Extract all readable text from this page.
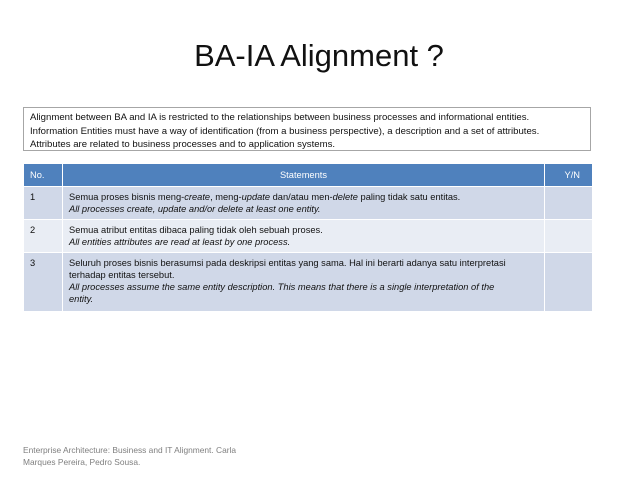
BA-IA Alignment ?
Alignment between BA and IA is restricted to the relationships between business processes and informational entities.
Information Entities must have a way of identification (from a business perspective), a description and a set of attributes.
Attributes are related to business processes and to application systems.
No.	Statements	Y/N
1	Semua proses bisnis meng-create, meng-update dan/atau men-delete paling tidak satu entitas.
All processes create, update and/or delete at least one entity.	

2	Semua atribut entitas dibaca paling tidak oleh sebuah proses.
All entities attributes are read at least by one process.	

3	Seluruh proses bisnis berasumsi pada deskripsi entitas yang sama. Hal ini berarti adanya satu interpretasi
terhadap entitas tersebut.
All processes assume the same entity description. This means that there is a single interpretation of the
entity.	

Enterprise Architecture: Business and IT Alignment. Carla
Marques Pereira, Pedro Sousa.
